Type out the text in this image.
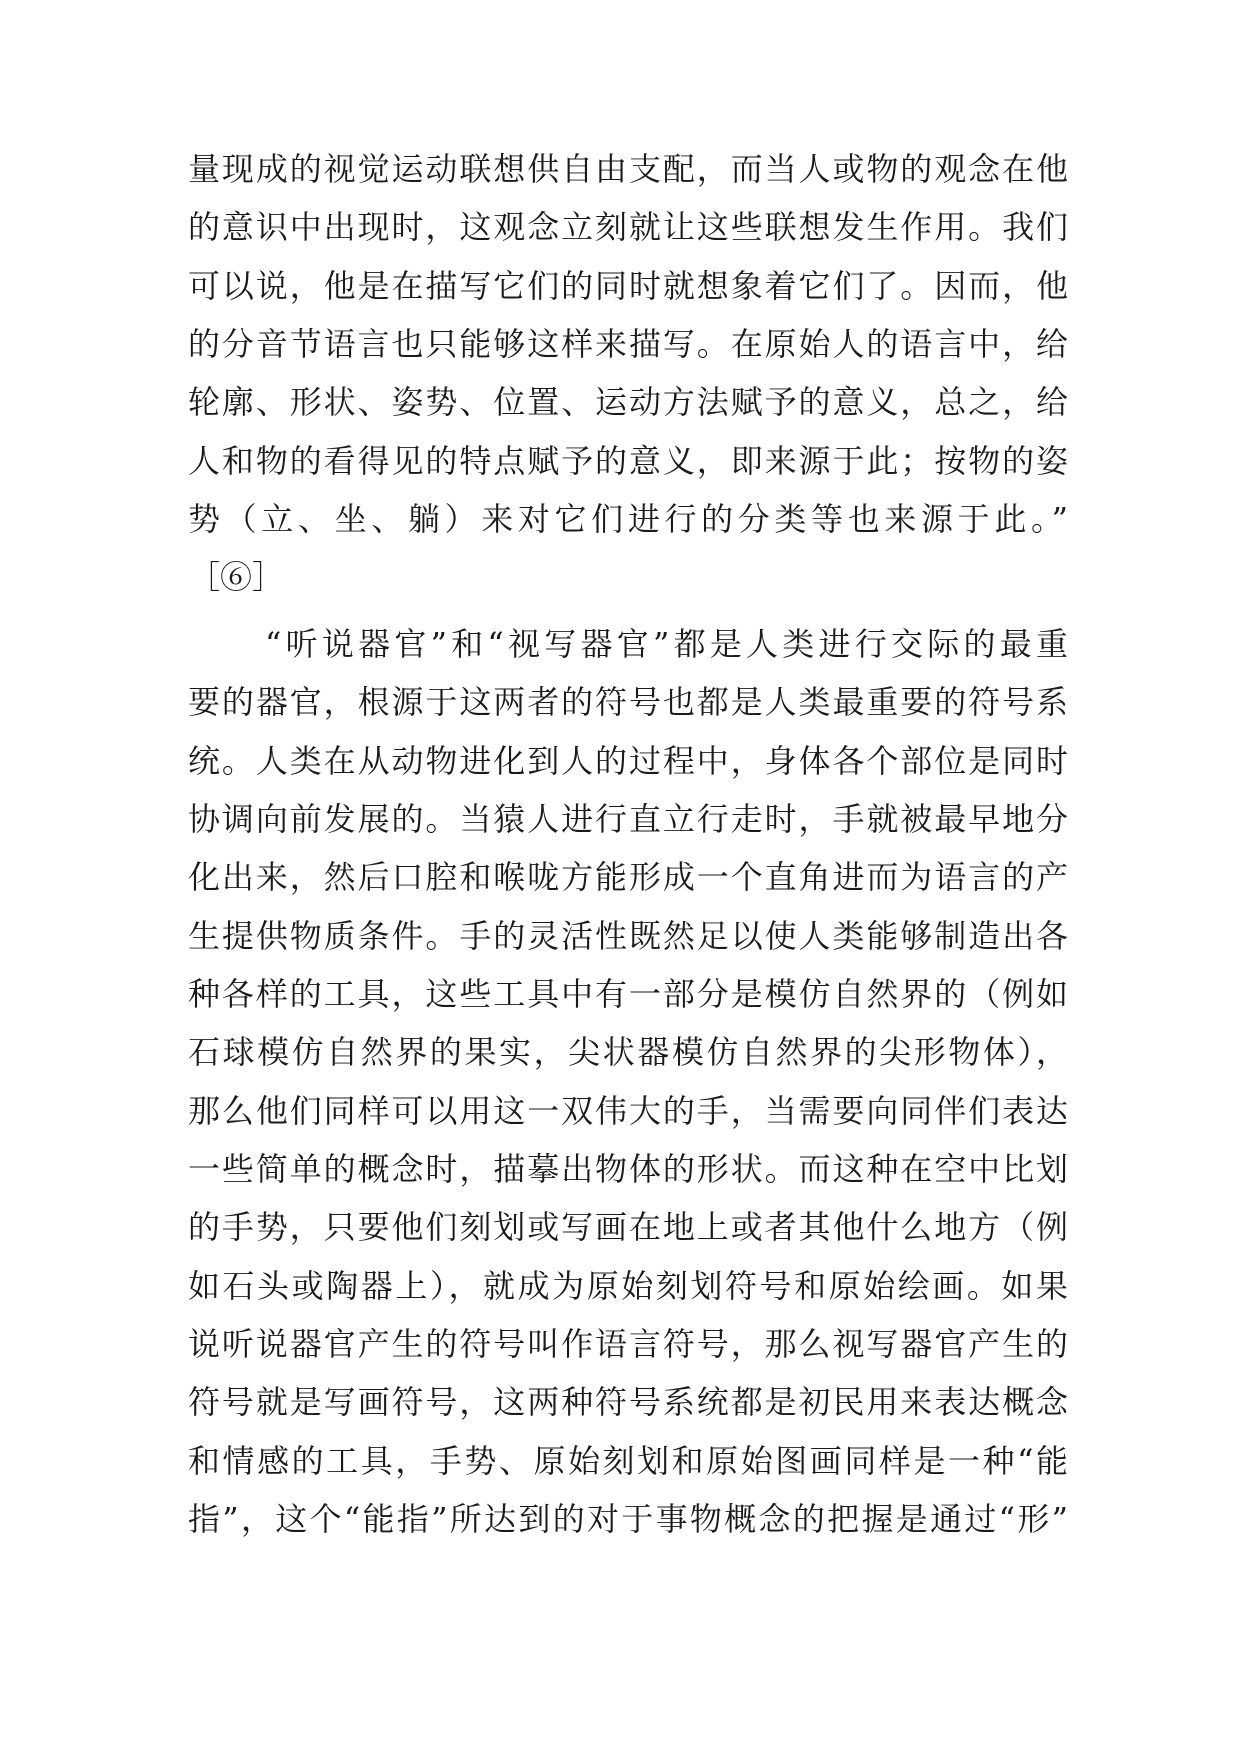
量现成的视觉运动联想供自由支配，而当人或物的观念在他
的意识中出现时，这观念立刻就让这些联想发生作用。我们
可以说，他是在描写它们的同时就想象着它们了。因而，他
的分音节语言也只能够这样来描写。在原始人的语言中，给
轮廓、形状、姿势、位置、运动方法赋予的意义，总之，给
人和物的看得见的特点赋予的意义，即来源于此；按物的姿
势（立、坐、躺）来对它们进行的分类等也来源于此。”
［⑥］
“听说器官”和“视写器官”都是人类进行交际的最重
要的器官，根源于这两者的符号也都是人类最重要的符号系
统。人类在从动物进化到人的过程中，身体各个部位是同时
协调向前发展的。当猿人进行直立行走时，手就被最早地分
化出来，然后口腔和喉咙方能形成一个直角进而为语言的产
生提供物质条件。手的灵活性既然足以使人类能够制造出各
种各样的工具，这些工具中有一部分是模仿自然界的（例如
石球模仿自然界的果实，尖状器模仿自然界的尖形物体），
那么他们同样可以用这一双伟大的手，当需要向同伴们表达
一些简单的概念时，描摹出物体的形状。而这种在空中比划
的手势，只要他们刻划或写画在地上或者其他什么地方（例
如石头或陶器上），就成为原始刻划符号和原始绘画。如果
说听说器官产生的符号叫作语言符号，那么视写器官产生的
符号就是写画符号，这两种符号系统都是初民用来表达概念
和情感的工具，手势、原始刻划和原始图画同样是一种“能
指”，这个“能指”所达到的对于事物概念的把握是通过“形”
